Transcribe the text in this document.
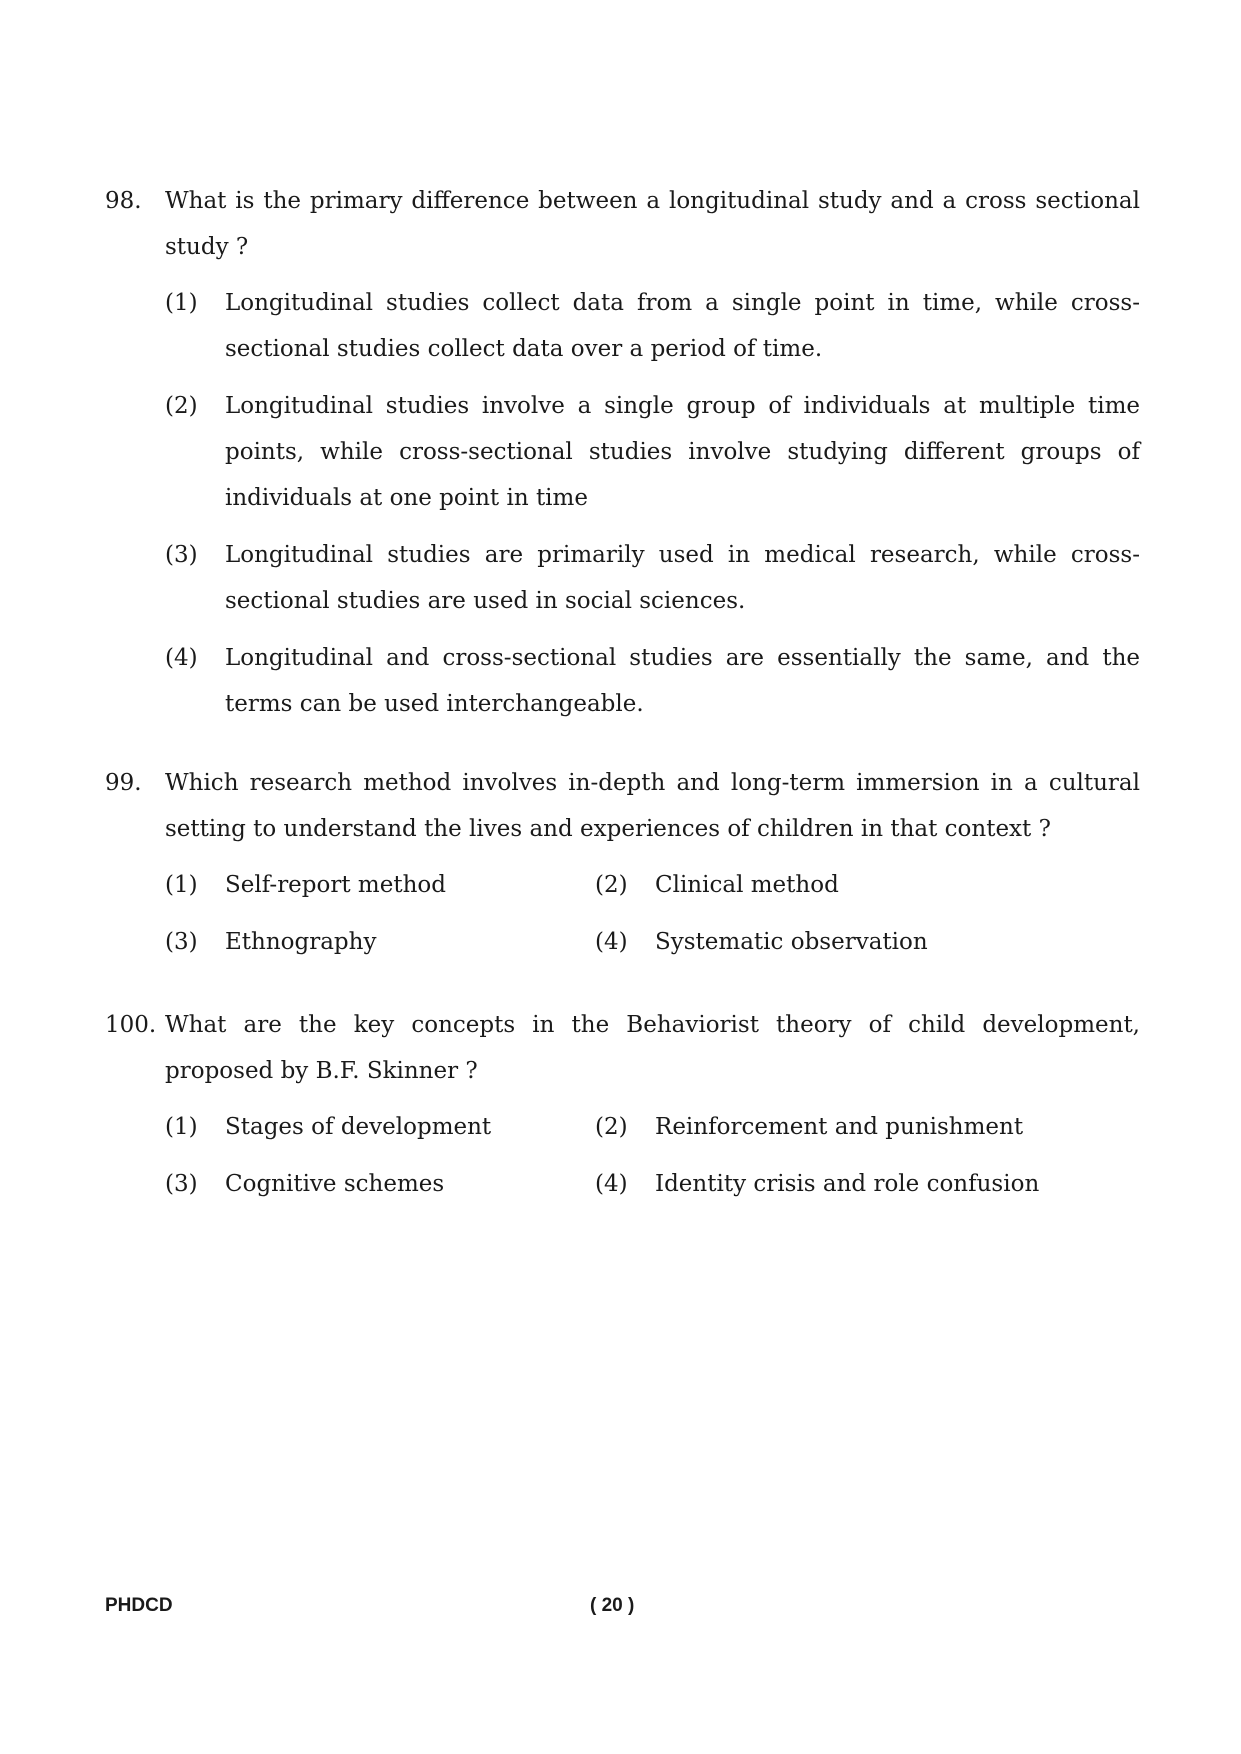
98. What is the primary difference between a longitudinal study and a cross sectional study ?
(1)	Longitudinal studies collect data from a single point in time, while cross-sectional studies collect data over a period of time.
(2)	Longitudinal studies involve a single group of individuals at multiple time points, while cross-sectional studies involve studying different groups of individuals at one point in time
(3)	Longitudinal studies are primarily used in medical research, while cross-sectional studies are used in social sciences.
(4)	Longitudinal and cross-sectional studies are essentially the same, and the terms can be used interchangeable.
99. Which research method involves in-depth and long-term immersion in a cultural setting to understand the lives and experiences of children in that context ?
(1)	Self-report method	(2)	Clinical method
(3)	Ethnography	(4)	Systematic observation
100. What are the key concepts in the Behaviorist theory of child development, proposed by B.F. Skinner ?
(1)	Stages of development	(2)	Reinforcement and punishment
(3)	Cognitive schemes	(4)	Identity crisis and role confusion
PHDCD	( 20 )
